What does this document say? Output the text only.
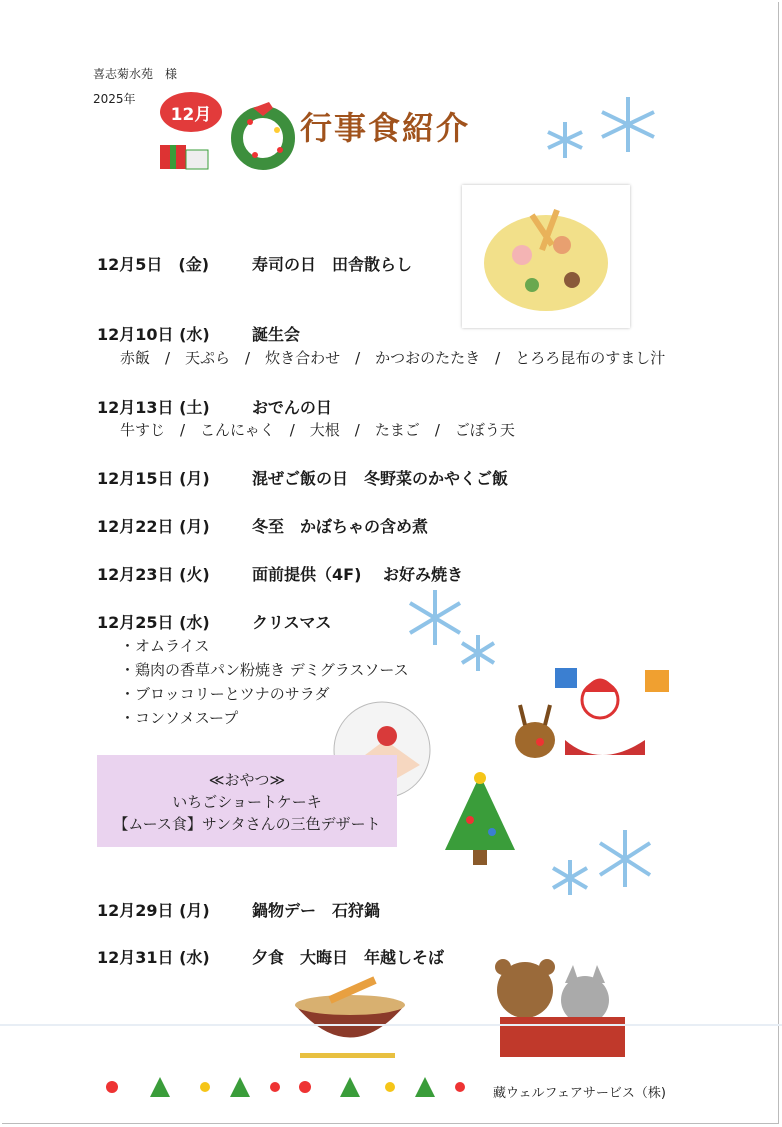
喜志菊水苑　様
2025年
12月	行事食紹介
12月5日　(金)	寿司の日　田舎散らし
12月10日 (水)	誕生会
赤飯　/　天ぷら　/　炊き合わせ　/　かつおのたたき　/　とろろ昆布のすまし汁
12月13日 (土)	おでんの日
牛すじ　/　こんにゃく　/　大根　/　たまご　/　ごぼう天
12月15日 (月)	混ぜご飯の日　冬野菜のかやくご飯
12月22日 (月)	冬至　かぼちゃの含め煮
12月23日 (火)	面前提供（4F)　 お好み焼き
12月25日 (水)	クリスマス
・オムライス
・鶏肉の香草パン粉焼き デミグラスソース
・ブロッコリーとツナのサラダ
・コンソメスープ
≪おやつ≫
いちごショートケーキ
【ムース食】サンタさんの三色デザート
12月29日 (月)	鍋物デー　石狩鍋
12月31日 (水)	夕食　大晦日　年越しそば
藏ウェルフェアサービス（株)
